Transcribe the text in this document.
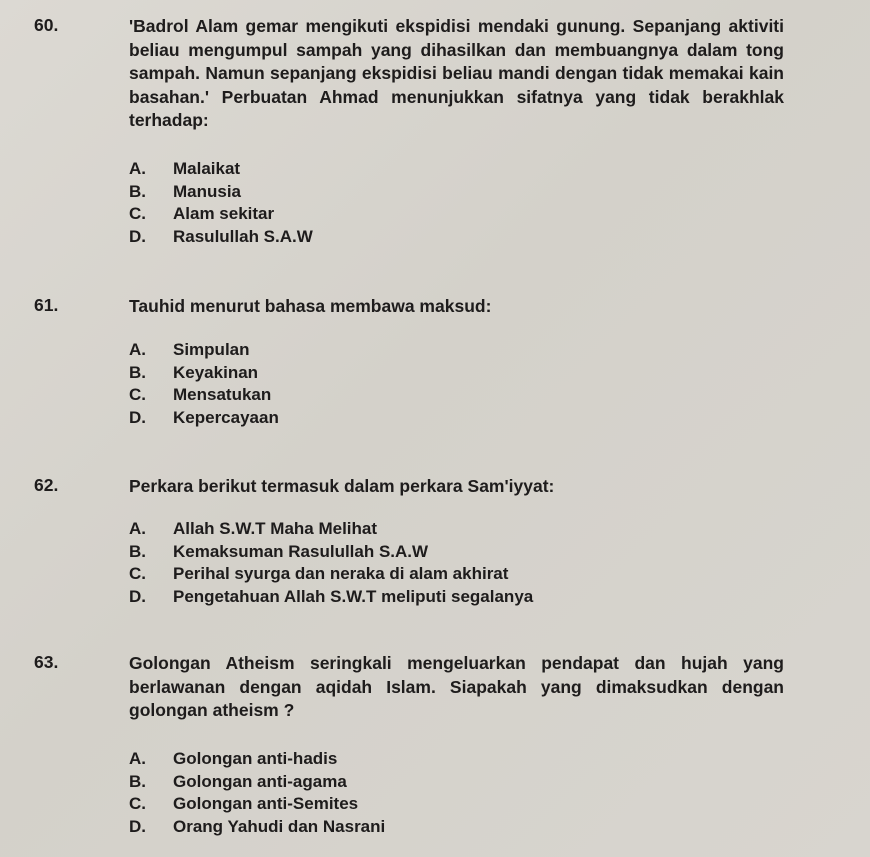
60.	'Badrol Alam gemar mengikuti ekspidisi mendaki gunung. Sepanjang aktiviti beliau mengumpul sampah yang dihasilkan dan membuangnya dalam tong sampah. Namun sepanjang ekspidisi beliau mandi dengan tidak memakai kain basahan.' Perbuatan Ahmad menunjukkan sifatnya yang tidak berakhlak terhadap:
A. Malaikat
B. Manusia
C. Alam sekitar
D. Rasulullah S.A.W
61.	Tauhid menurut bahasa membawa maksud:
A. Simpulan
B. Keyakinan
C. Mensatukan
D. Kepercayaan
62.	Perkara berikut termasuk dalam perkara Sam'iyyat:
A. Allah S.W.T Maha Melihat
B. Kemaksuman Rasulullah S.A.W
C. Perihal syurga dan neraka di alam akhirat
D. Pengetahuan Allah S.W.T meliputi segalanya
63.	Golongan Atheism seringkali mengeluarkan pendapat dan hujah yang berlawanan dengan aqidah Islam. Siapakah yang dimaksudkan dengan golongan atheism ?
A. Golongan anti-hadis
B. Golongan anti-agama
C. Golongan anti-Semites
D. Orang Yahudi dan Nasrani
